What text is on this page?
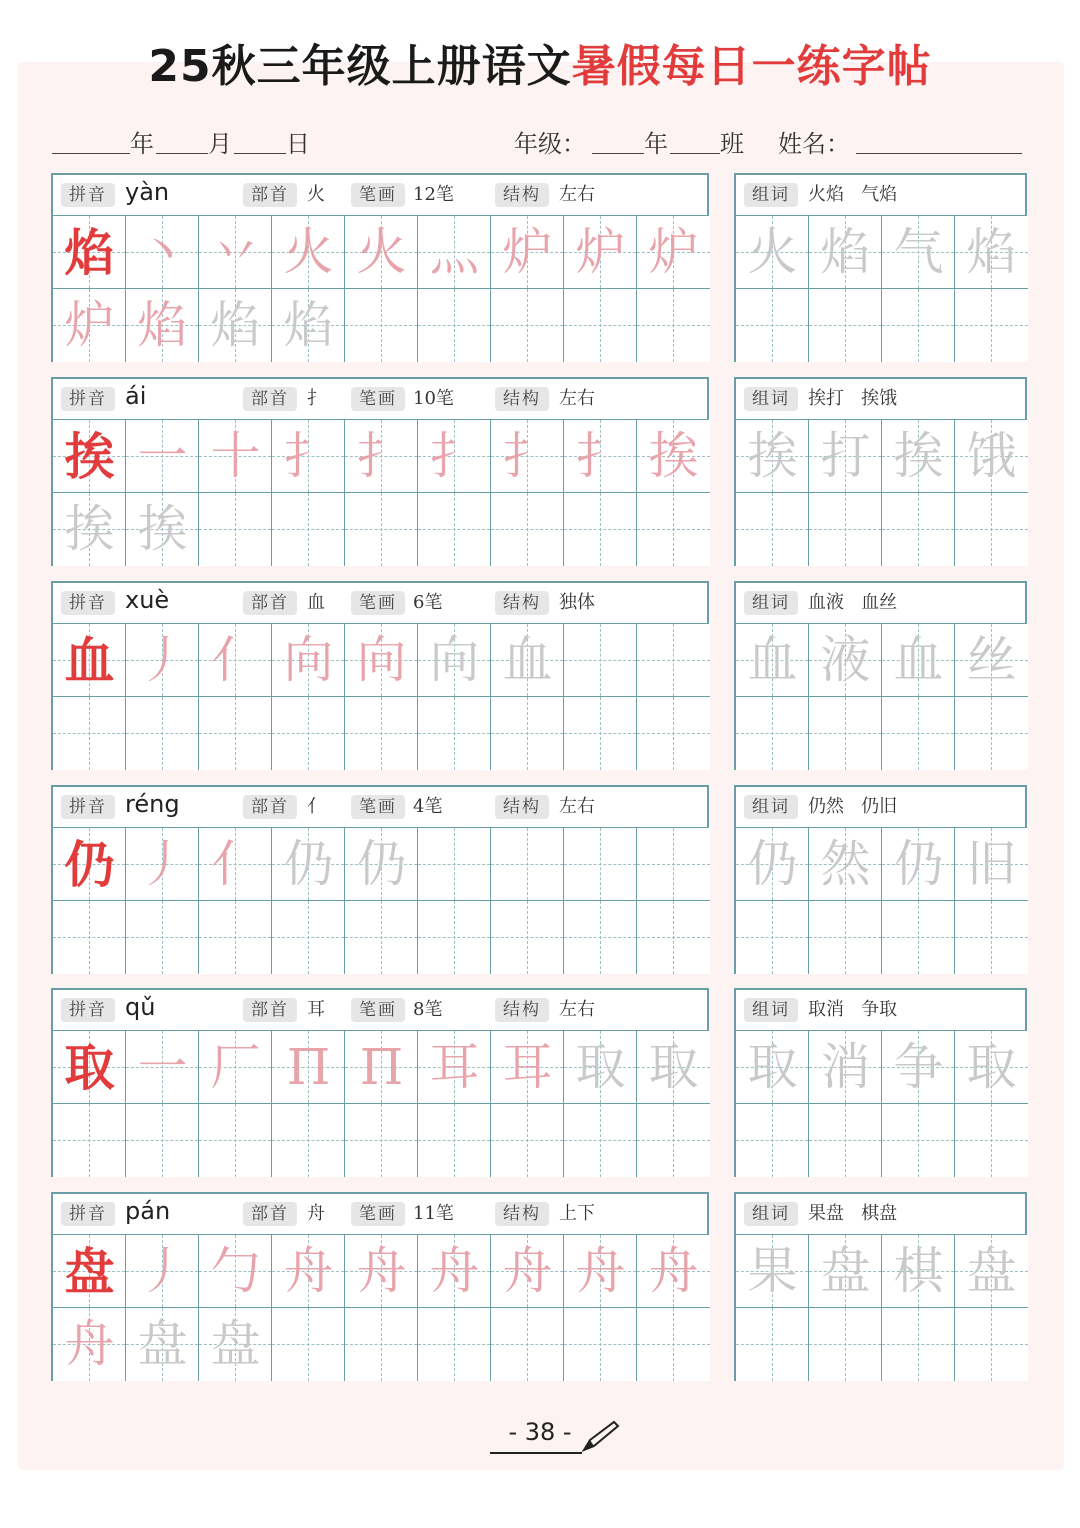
25秋三年级上册语文暑假每日一练字帖
年 月 日	年级： 年 班 姓名：
拼音 yàn	部首	火	笔画 12笔	结构	左右
焰 丶 丷 火 火 灬 炉 炉 炉
炉 焰 焰 焰
组词	火焰   气焰
火 焰 气 焰
拼音 ái	部首	扌	笔画 10笔	结构	左右
挨 一 十 扌 扌 扌 扌 扌 挨
挨 挨
组词	挨打   挨饿
挨 打 挨 饿
拼音 xuè	部首	血	笔画 6笔	结构	独体
血 丿 亻 向 向 向 血
组词	血液   血丝
血 液 血 丝
拼音 réng	部首	亻	笔画 4笔	结构	左右
仍 丿 亻 仍 仍
组词	仍然   仍旧
仍 然 仍 旧
拼音 qǔ	部首	耳	笔画 8笔	结构	左右
取 一 厂 Π Π 耳 耳 取 取
组词	取消   争取
取 消 争 取
拼音 pán	部首	舟	笔画 11笔	结构	上下
盘 丿 勹 舟 舟 舟 舟 舟 舟
舟 盘 盘
组词	果盘   棋盘
果 盘 棋 盘
- 38 -
